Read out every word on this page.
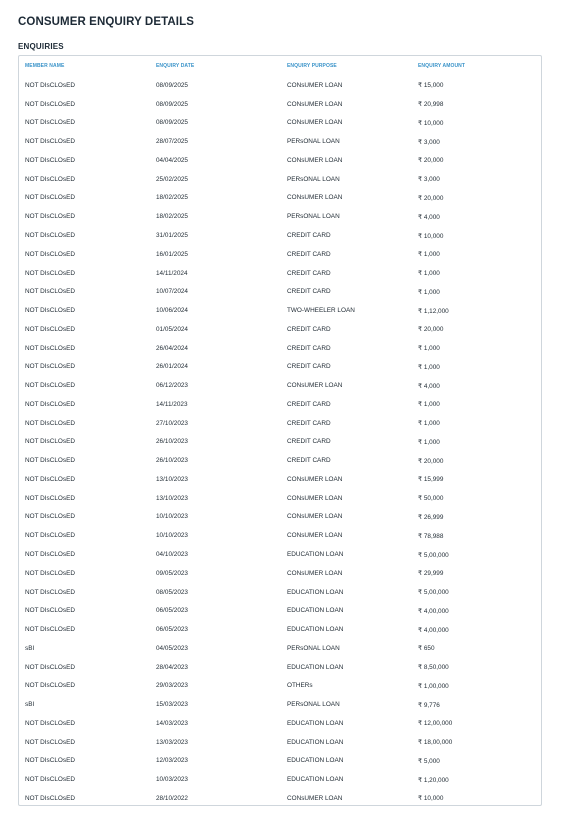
CONSUMER ENQUIRY DETAILS
ENQUIRIES
MEMBER NAME	ENQUIRY DATE	ENQUIRY PURPOSE	ENQUIRY AMOUNT
NOT DIsCLOsED	08/09/2025	CONsUMER LOAN	₹ 15,000
NOT DIsCLOsED	08/09/2025	CONsUMER LOAN	₹ 20,998
NOT DIsCLOsED	08/09/2025	CONsUMER LOAN	₹ 10,000
NOT DIsCLOsED	28/07/2025	PERsONAL LOAN	₹ 3,000
NOT DIsCLOsED	04/04/2025	CONsUMER LOAN	₹ 20,000
NOT DIsCLOsED	25/02/2025	PERsONAL LOAN	₹ 3,000
NOT DIsCLOsED	18/02/2025	CONsUMER LOAN	₹ 20,000
NOT DIsCLOsED	18/02/2025	PERsONAL LOAN	₹ 4,000
NOT DIsCLOsED	31/01/2025	CREDIT CARD	₹ 10,000
NOT DIsCLOsED	16/01/2025	CREDIT CARD	₹ 1,000
NOT DIsCLOsED	14/11/2024	CREDIT CARD	₹ 1,000
NOT DIsCLOsED	10/07/2024	CREDIT CARD	₹ 1,000
NOT DIsCLOsED	10/06/2024	TWO-WHEELER LOAN	₹ 1,12,000
NOT DIsCLOsED	01/05/2024	CREDIT CARD	₹ 20,000
NOT DIsCLOsED	26/04/2024	CREDIT CARD	₹ 1,000
NOT DIsCLOsED	26/01/2024	CREDIT CARD	₹ 1,000
NOT DIsCLOsED	06/12/2023	CONsUMER LOAN	₹ 4,000
NOT DIsCLOsED	14/11/2023	CREDIT CARD	₹ 1,000
NOT DIsCLOsED	27/10/2023	CREDIT CARD	₹ 1,000
NOT DIsCLOsED	26/10/2023	CREDIT CARD	₹ 1,000
NOT DIsCLOsED	26/10/2023	CREDIT CARD	₹ 20,000
NOT DIsCLOsED	13/10/2023	CONsUMER LOAN	₹ 15,999
NOT DIsCLOsED	13/10/2023	CONsUMER LOAN	₹ 50,000
NOT DIsCLOsED	10/10/2023	CONsUMER LOAN	₹ 26,999
NOT DIsCLOsED	10/10/2023	CONsUMER LOAN	₹ 78,988
NOT DIsCLOsED	04/10/2023	EDUCATION LOAN	₹ 5,00,000
NOT DIsCLOsED	09/05/2023	CONsUMER LOAN	₹ 29,999
NOT DIsCLOsED	08/05/2023	EDUCATION LOAN	₹ 5,00,000
NOT DIsCLOsED	06/05/2023	EDUCATION LOAN	₹ 4,00,000
NOT DIsCLOsED	06/05/2023	EDUCATION LOAN	₹ 4,00,000
sBI	04/05/2023	PERsONAL LOAN	₹ 650
NOT DIsCLOsED	28/04/2023	EDUCATION LOAN	₹ 8,50,000
NOT DIsCLOsED	29/03/2023	OTHERs	₹ 1,00,000
sBI	15/03/2023	PERsONAL LOAN	₹ 9,776
NOT DIsCLOsED	14/03/2023	EDUCATION LOAN	₹ 12,00,000
NOT DIsCLOsED	13/03/2023	EDUCATION LOAN	₹ 18,00,000
NOT DIsCLOsED	12/03/2023	EDUCATION LOAN	₹ 5,000
NOT DIsCLOsED	10/03/2023	EDUCATION LOAN	₹ 1,20,000
NOT DIsCLOsED	28/10/2022	CONsUMER LOAN	₹ 10,000
